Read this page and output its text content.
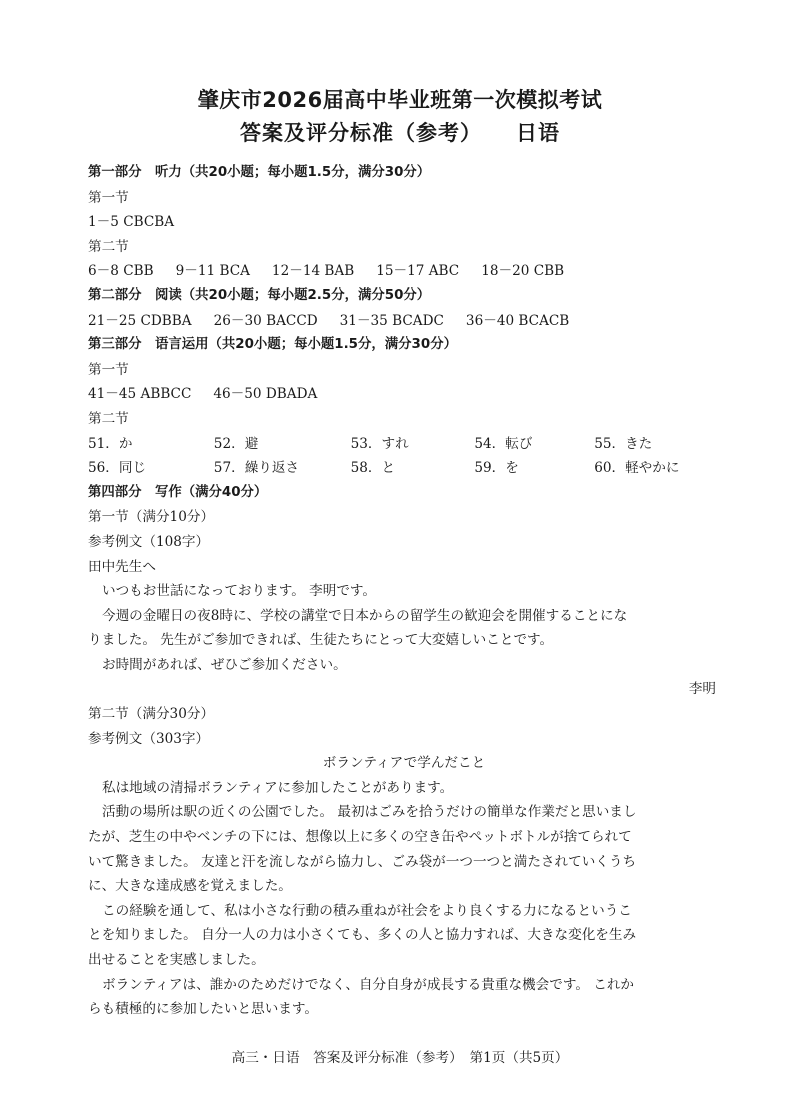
肇庆市2026届高中毕业班第一次模拟考试
答案及评分标准（参考） 日语
第一部分　听力（共20小题；每小题1.5分，满分30分）
第一节
1－5 CBCBA
第二节
6－8 CBB 9－11 BCA 12－14 BAB 15－17 ABC 18－20 CBB
第二部分　阅读（共20小题；每小题2.5分，满分50分）
21－25 CDBBA 26－30 BACCD 31－35 BCADC 36－40 BCACB
第三部分　语言运用（共20小题；每小题1.5分，满分30分）
第一节
41－45 ABBCC 46－50 DBADA
第二节
51．か	52．避	53．すれ	54．転び	55．きた
56．同じ	57．繰り返さ	58．と	59．を	60．軽やかに
第四部分　写作（满分40分）
第一节（满分10分）
参考例文（108字）
田中先生へ
いつもお世話になっております。 李明です。
今週の金曜日の夜8時に、学校の講堂で日本からの留学生の歓迎会を開催することにな
りました。 先生がご参加できれば、生徒たちにとって大変嬉しいことです。
お時間があれば、ぜひご参加ください。
李明
第二节（满分30分）
参考例文（303字）
ボランティアで学んだこと
私は地域の清掃ボランティアに参加したことがあります。
活動の場所は駅の近くの公園でした。 最初はごみを拾うだけの簡単な作業だと思いまし
たが、芝生の中やベンチの下には、想像以上に多くの空き缶やペットボトルが捨てられて
いて驚きました。 友達と汗を流しながら協力し、ごみ袋が一つ一つと満たされていくうち
に、大きな達成感を覚えました。
この経験を通して、私は小さな行動の積み重ねが社会をより良くする力になるというこ
とを知りました。 自分一人の力は小さくても、多くの人と協力すれば、大きな変化を生み
出せることを実感しました。
ボランティアは、誰かのためだけでなく、自分自身が成長する貴重な機会です。 これか
らも積極的に参加したいと思います。
高三・日语　答案及评分标准（参考）　第1页（共5页）
